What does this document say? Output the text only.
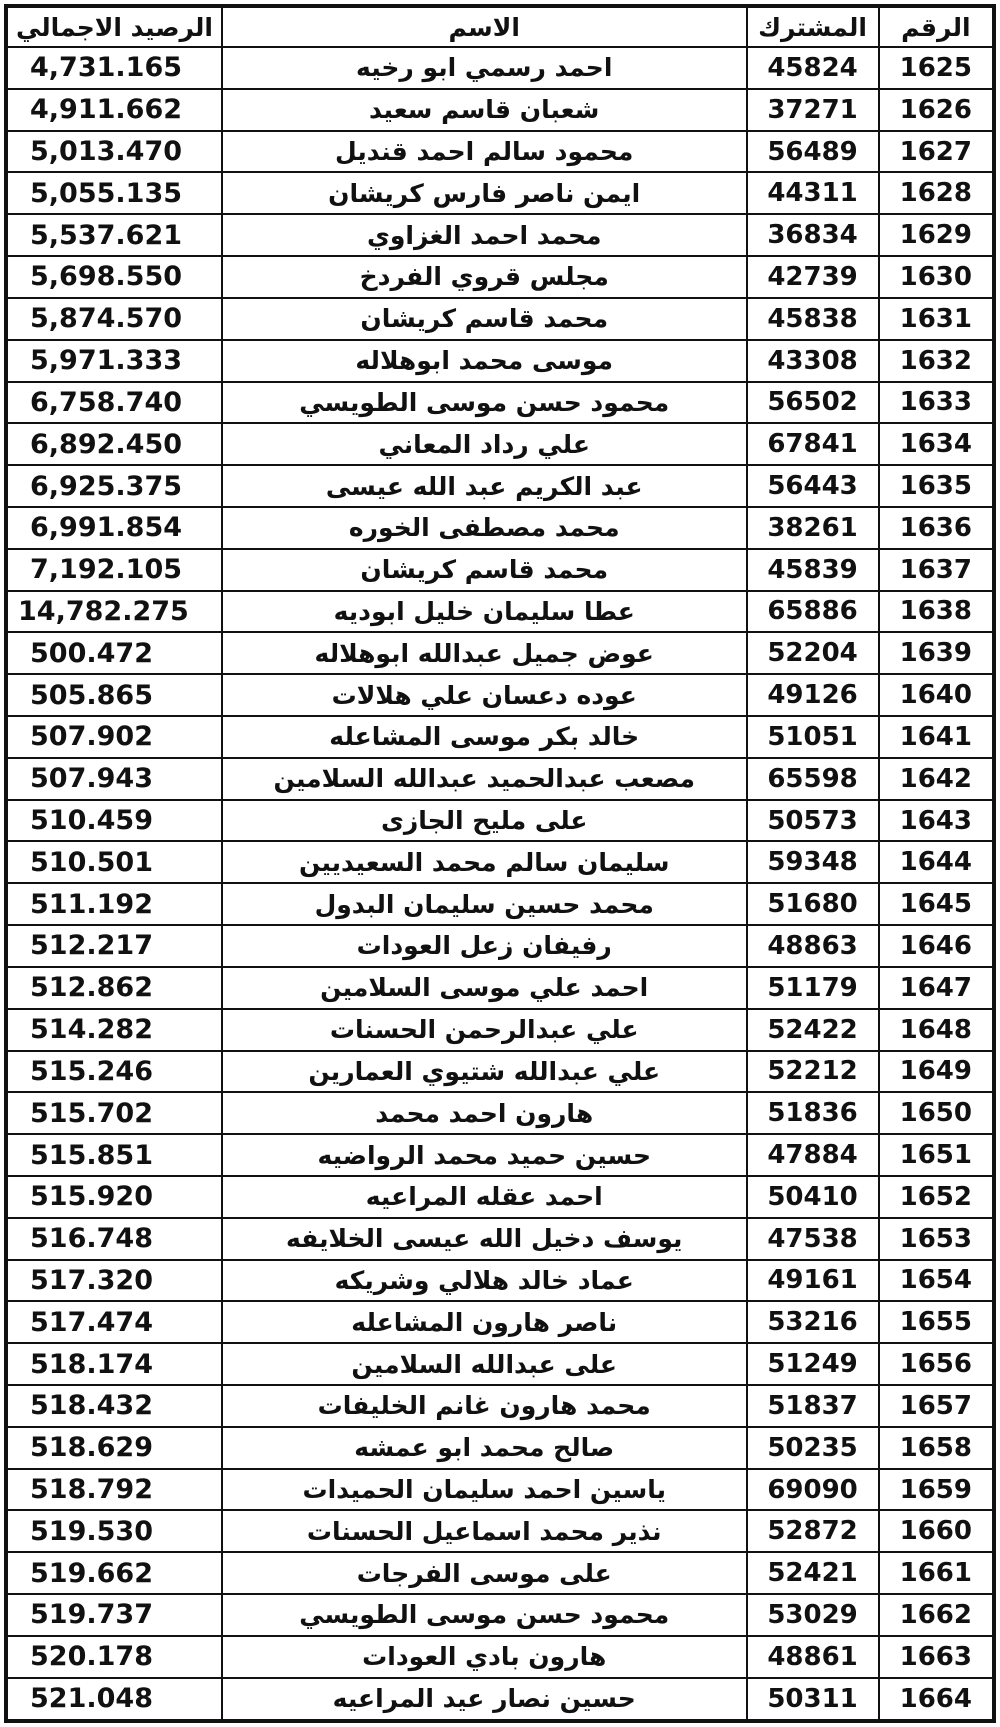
الرصيد الاجمالي	الاسم	المشترك	الرقم
4,731.165	احمد رسمي ابو رخيه	45824	1625
4,911.662	شعبان قاسم سعيد	37271	1626
5,013.470	محمود سالم احمد قنديل	56489	1627
5,055.135	ايمن ناصر فارس كريشان	44311	1628
5,537.621	محمد احمد الغزاوي	36834	1629
5,698.550	مجلس قروي الفردخ	42739	1630
5,874.570	محمد قاسم كريشان	45838	1631
5,971.333	موسى محمد ابوهلاله	43308	1632
6,758.740	محمود حسن موسى الطويسي	56502	1633
6,892.450	علي رداد المعاني	67841	1634
6,925.375	عبد الكريم عبد الله عيسى	56443	1635
6,991.854	محمد مصطفى الخوره	38261	1636
7,192.105	محمد قاسم كريشان	45839	1637
14,782.275	عطا سليمان خليل ابوديه	65886	1638
500.472	عوض جميل عبدالله ابوهلاله	52204	1639
505.865	عوده دعسان علي هلالات	49126	1640
507.902	خالد بكر موسى المشاعله	51051	1641
507.943	مصعب عبدالحميد عبدالله السلامين	65598	1642
510.459	على مليح الجازى	50573	1643
510.501	سليمان سالم محمد السعيديين	59348	1644
511.192	محمد حسين سليمان البدول	51680	1645
512.217	رفيفان زعل العودات	48863	1646
512.862	احمد علي موسى السلامين	51179	1647
514.282	علي عبدالرحمن الحسنات	52422	1648
515.246	علي عبدالله شتيوي العمارين	52212	1649
515.702	هارون احمد محمد	51836	1650
515.851	حسين حميد محمد الرواضيه	47884	1651
515.920	احمد عقله المراعيه	50410	1652
516.748	يوسف دخيل الله عيسى الخلايفه	47538	1653
517.320	عماد خالد هلالي وشريكه	49161	1654
517.474	ناصر هارون المشاعله	53216	1655
518.174	على عبدالله السلامين	51249	1656
518.432	محمد هارون غانم الخليفات	51837	1657
518.629	صالح محمد ابو عمشه	50235	1658
518.792	ياسين احمد سليمان الحميدات	69090	1659
519.530	نذير محمد اسماعيل الحسنات	52872	1660
519.662	على موسى الفرجات	52421	1661
519.737	محمود حسن موسى الطويسي	53029	1662
520.178	هارون بادي العودات	48861	1663
521.048	حسين نصار عيد المراعيه	50311	1664
